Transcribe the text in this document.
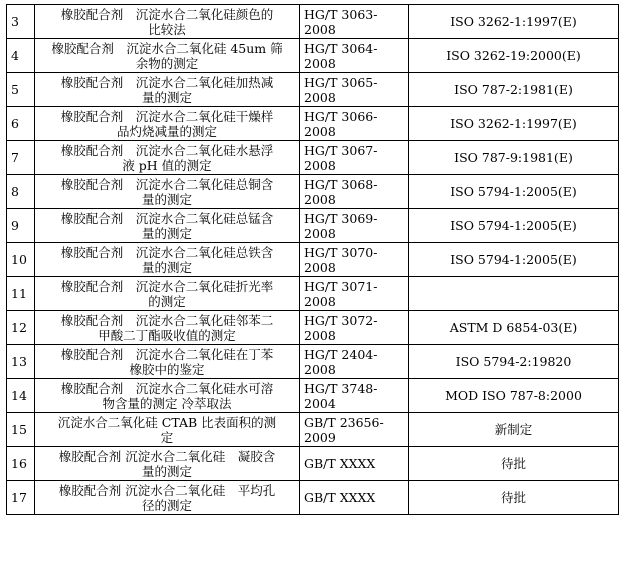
3	橡胶配合剂　沉淀水合二氧化硅颜色的
比较法	HG/T 3063-2008	ISO 3262-1:1997(E)
4	橡胶配合剂　沉淀水合二氧化硅 45um 筛
余物的测定	HG/T 3064-2008	ISO 3262-19:2000(E)
5	橡胶配合剂　沉淀水合二氧化硅加热减
量的测定	HG/T 3065-2008	ISO 787-2:1981(E)
6	橡胶配合剂　沉淀水合二氧化硅干燥样
品灼烧减量的测定	HG/T 3066-2008	ISO 3262-1:1997(E)
7	橡胶配合剂　沉淀水合二氧化硅水悬浮
液 pH 值的测定	HG/T 3067-2008	ISO 787-9:1981(E)
8	橡胶配合剂　沉淀水合二氧化硅总铜含
量的测定	HG/T 3068-2008	ISO 5794-1:2005(E)
9	橡胶配合剂　沉淀水合二氧化硅总锰含
量的测定	HG/T 3069-2008	ISO 5794-1:2005(E)
10	橡胶配合剂　沉淀水合二氧化硅总铁含
量的测定	HG/T 3070-2008	ISO 5794-1:2005(E)
11	橡胶配合剂　沉淀水合二氧化硅折光率
的测定	HG/T 3071-2008	
12	橡胶配合剂　沉淀水合二氧化硅邻苯二
甲酸二丁酯吸收值的测定	HG/T 3072-2008	ASTM D 6854-03(E)
13	橡胶配合剂　沉淀水合二氧化硅在丁苯
橡胶中的鉴定	HG/T 2404-2008	ISO 5794-2:19820
14	橡胶配合剂　沉淀水合二氧化硅水可溶
物含量的测定 冷萃取法	HG/T 3748-2004	MOD ISO 787-8:2000
15	沉淀水合二氧化硅 CTAB 比表面积的测
定	GB/T 23656-2009	新制定
16	橡胶配合剂 沉淀水合二氧化硅　凝胶含
量的测定	GB/T XXXX	待批
17	橡胶配合剂 沉淀水合二氧化硅　平均孔
径的测定	GB/T XXXX	待批
